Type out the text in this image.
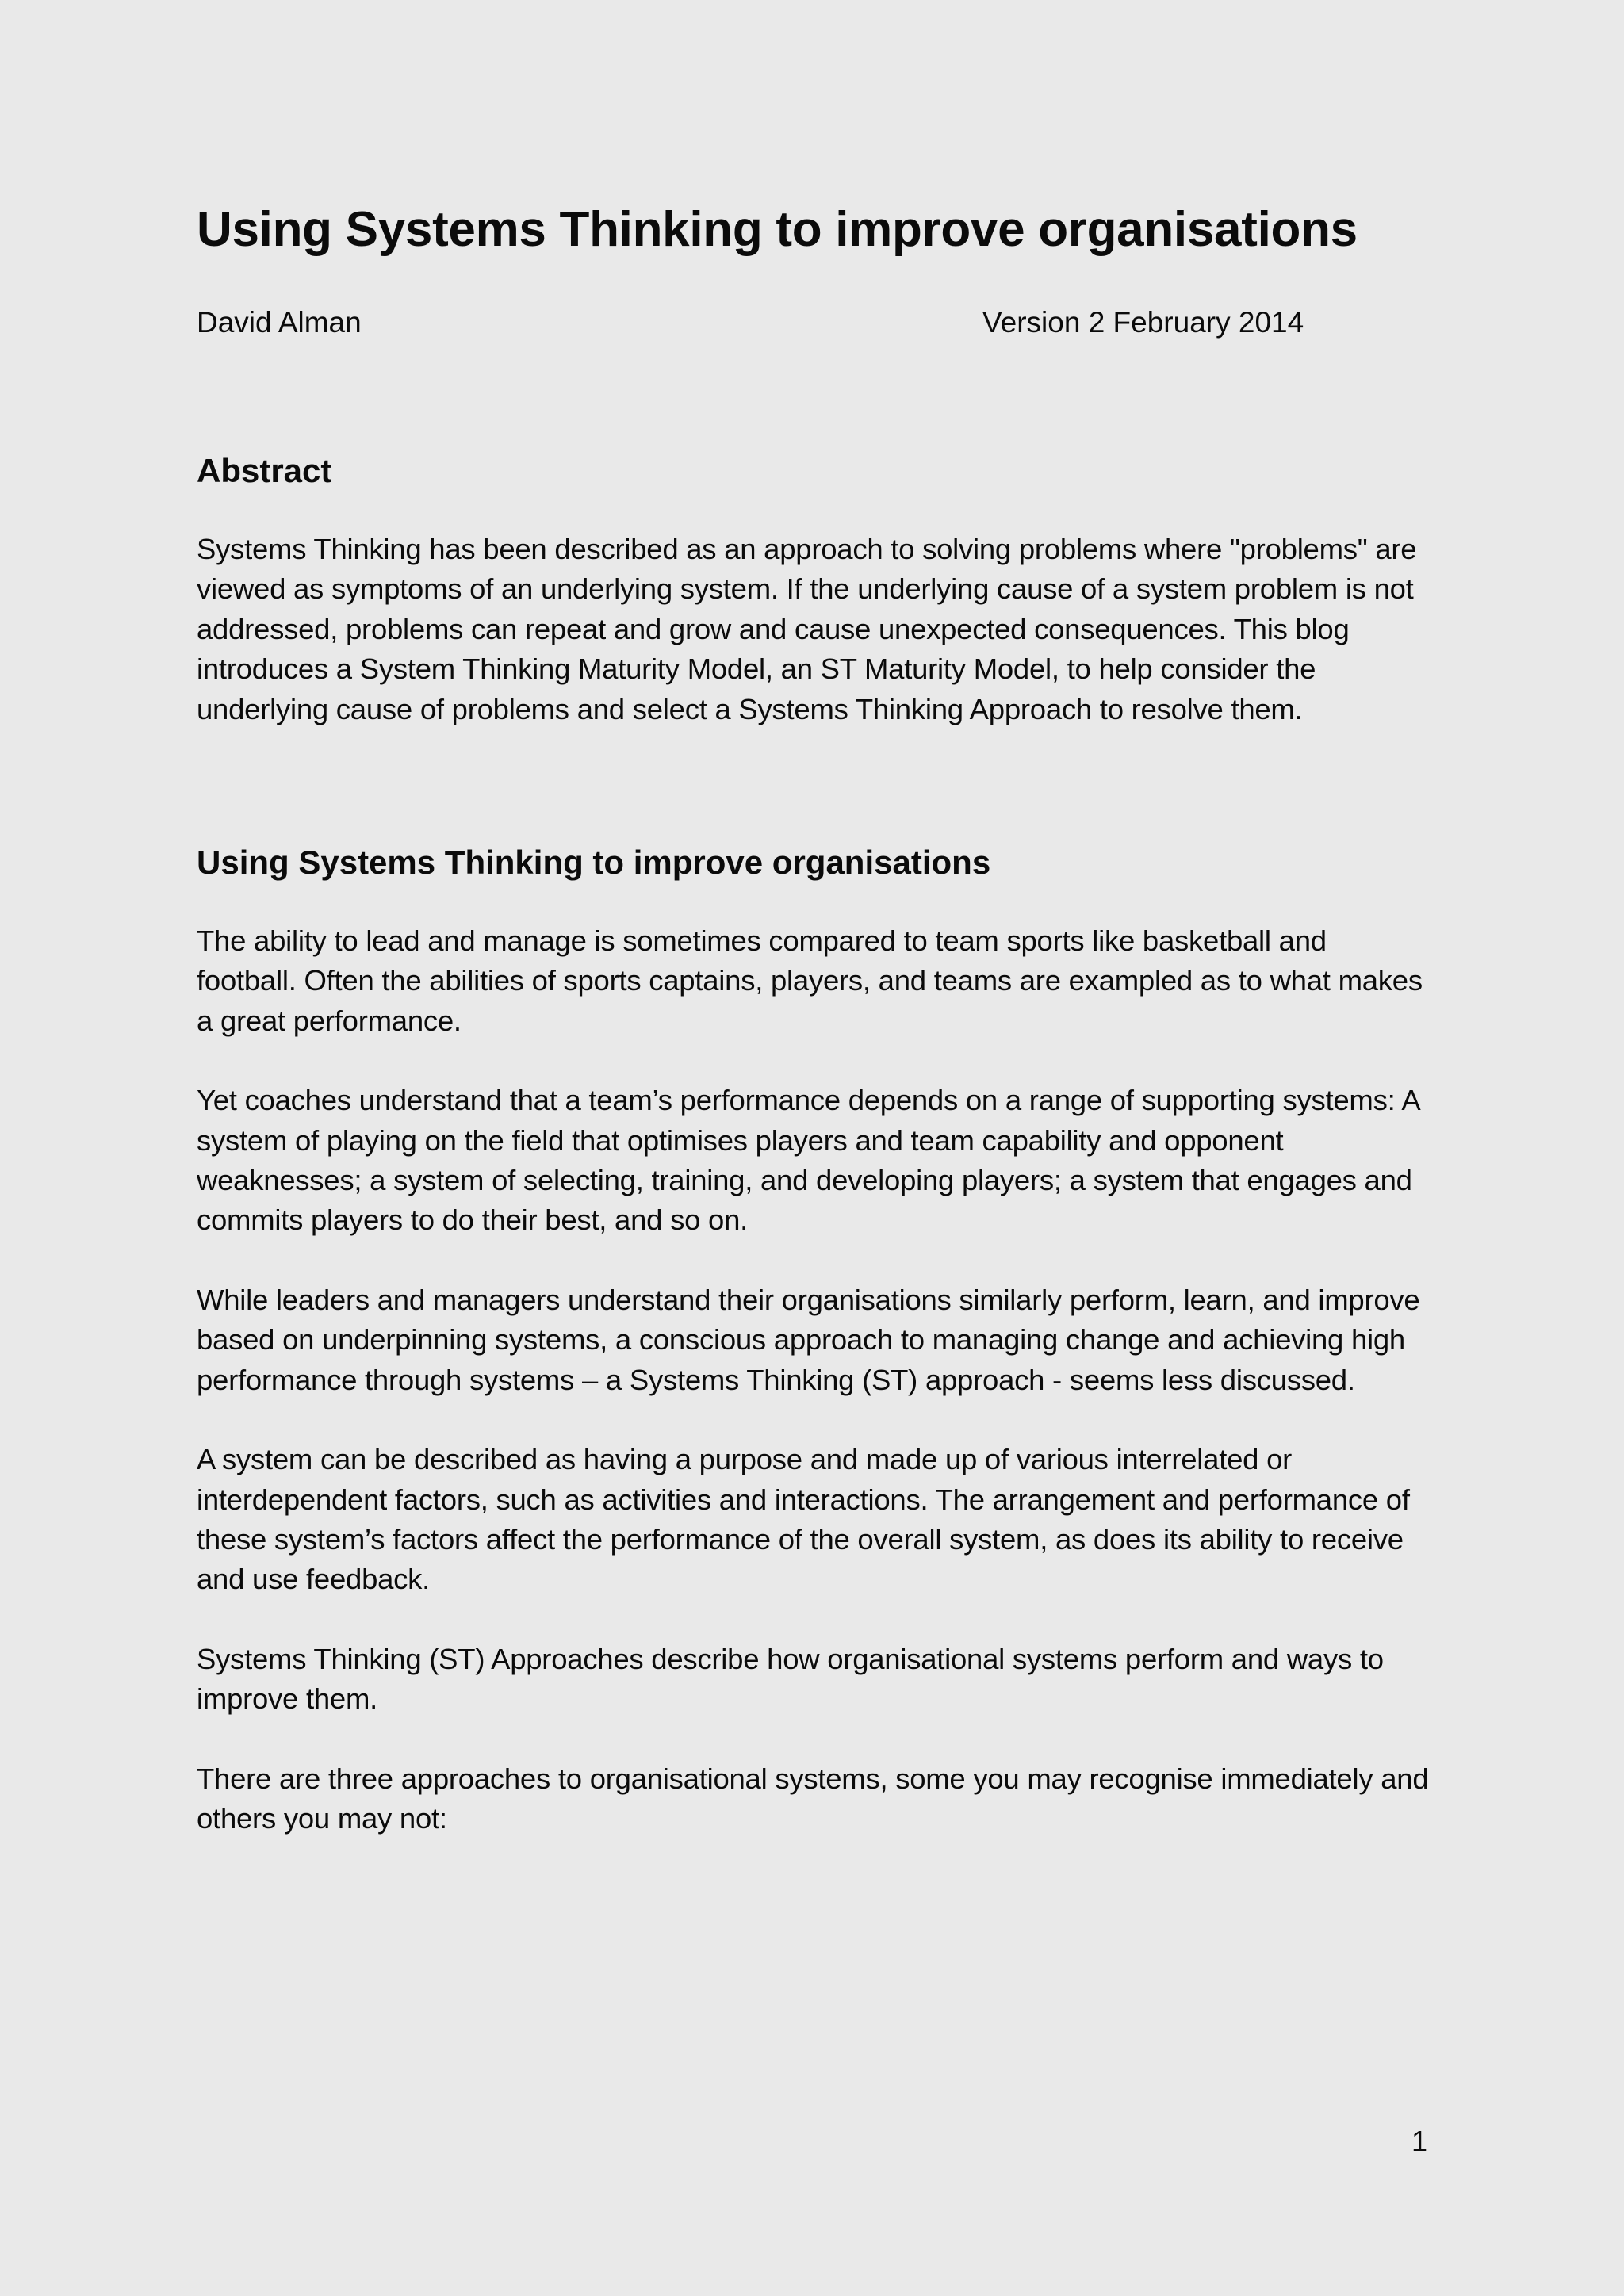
Using Systems Thinking to improve organisations
David Alman	Version 2 February 2014
Abstract

Systems Thinking has been described as an approach to solving problems where "problems" are viewed as symptoms of an underlying system. If the underlying cause of a system problem is not addressed, problems can repeat and grow and cause unexpected consequences. This blog introduces a System Thinking Maturity Model, an ST Maturity Model, to help consider the underlying cause of problems and select a Systems Thinking Approach to resolve them.

Using Systems Thinking to improve organisations

The ability to lead and manage is sometimes compared to team sports like basketball and football. Often the abilities of sports captains, players, and teams are exampled as to what makes a great performance.

Yet coaches understand that a team’s performance depends on a range of supporting systems: A system of playing on the field that optimises players and team capability and opponent weaknesses; a system of selecting, training, and developing players; a system that engages and commits players to do their best, and so on.

While leaders and managers understand their organisations similarly perform, learn, and improve based on underpinning systems, a conscious approach to managing change and achieving high performance through systems – a Systems Thinking (ST) approach - seems less discussed.

A system can be described as having a purpose and made up of various interrelated or interdependent factors, such as activities and interactions. The arrangement and performance of these system’s factors affect the performance of the overall system, as does its ability to receive and use feedback.

Systems Thinking (ST) Approaches describe how organisational systems perform and ways to improve them.

There are three approaches to organisational systems, some you may recognise immediately and others you may not:

1
